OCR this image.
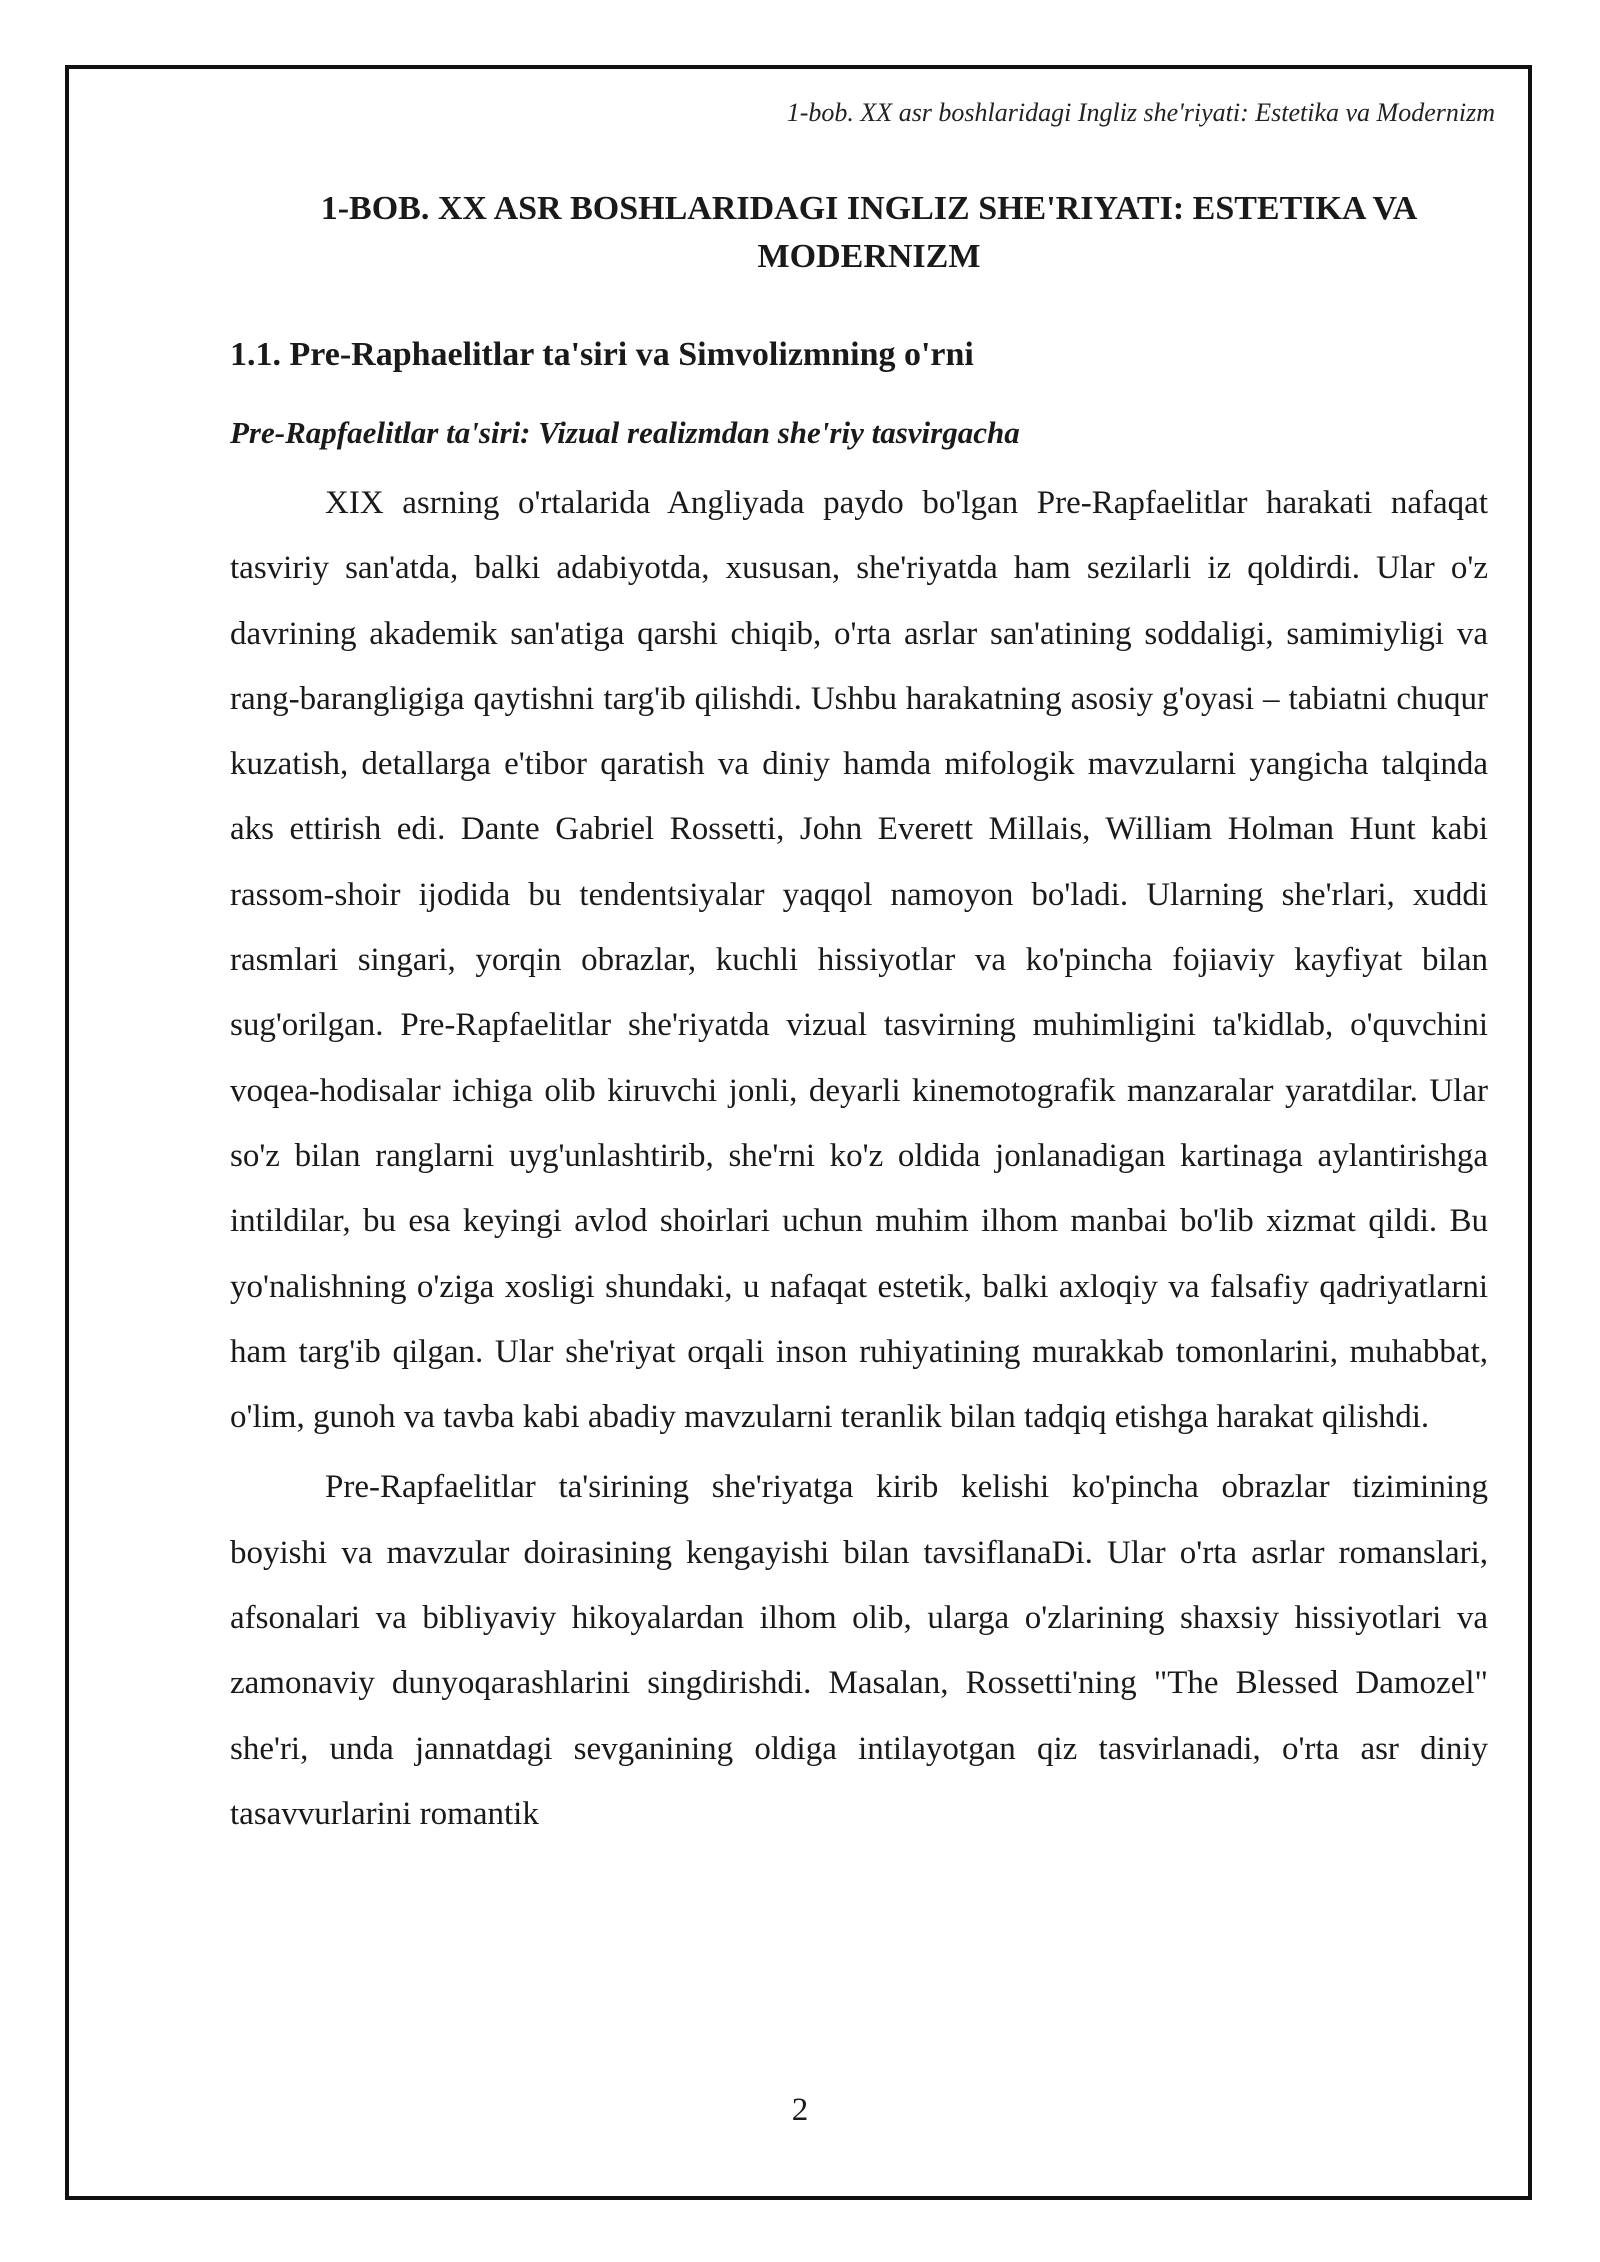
1-bob. XX asr boshlaridagi Ingliz she'riyati: Estetika va Modernizm
1-BOB. XX ASR BOSHLARIDAGI INGLIZ SHE'RIYATI: ESTETIKA VA MODERNIZM
1.1. Pre-Raphaelitlar ta'siri va Simvolizmning o'rni
Pre-Rapfaelitlar ta'siri: Vizual realizmdan she'riy tasvirgacha

XIX asrning o'rtalarida Angliyada paydo bo'lgan Pre-Rapfaelitlar harakati nafaqat tasviriy san'atda, balki adabiyotda, xususan, she'riyatda ham sezilarli iz qoldirdi. Ular o'z davrining akademik san'atiga qarshi chiqib, o'rta asrlar san'atining soddaligi, samimiyligi va rang-barangligiga qaytishni targ'ib qilishdi. Ushbu harakatning asosiy g'oyasi – tabiatni chuqur kuzatish, detallarga e'tibor qaratish va diniy hamda mifologik mavzularni yangicha talqinda aks ettirish edi. Dante Gabriel Rossetti, John Everett Millais, William Holman Hunt kabi rassom-shoir ijodida bu tendentsiyalar yaqqol namoyon bo'ladi. Ularning she'rlari, xuddi rasmlari singari, yorqin obrazlar, kuchli hissiyotlar va ko'pincha fojiaviy kayfiyat bilan sug'orilgan. Pre-Rapfaelitlar she'riyatda vizual tasvirning muhimligini ta'kidlab, o'quvchini voqea-hodisalar ichiga olib kiruvchi jonli, deyarli kinemotografik manzaralar yaratdilar. Ular so'z bilan ranglarni uyg'unlashtirib, she'rni ko'z oldida jonlanadigan kartinaga aylantirishga intildilar, bu esa keyingi avlod shoirlari uchun muhim ilhom manbai bo'lib xizmat qildi. Bu yo'nalishning o'ziga xosligi shundaki, u nafaqat estetik, balki axloqiy va falsafiy qadriyatlarni ham targ'ib qilgan. Ular she'riyat orqali inson ruhiyatining murakkab tomonlarini, muhabbat, o'lim, gunoh va tavba kabi abadiy mavzularni teranlik bilan tadqiq etishga harakat qilishdi.

Pre-Rapfaelitlar ta'sirining she'riyatga kirib kelishi ko'pincha obrazlar tizimining boyishi va mavzular doirasining kengayishi bilan tavsiflanaDi. Ular o'rta asrlar romanslari, afsonalari va bibliyaviy hikoyalardan ilhom olib, ularga o'zlarining shaxsiy hissiyotlari va zamonaviy dunyoqarashlarini singdirishdi. Masalan, Rossetti'ning "The Blessed Damozel" she'ri, unda jannatdagi sevganining oldiga intilayotgan qiz tasvirlanadi, o'rta asr diniy tasavvurlarini romantik

2
